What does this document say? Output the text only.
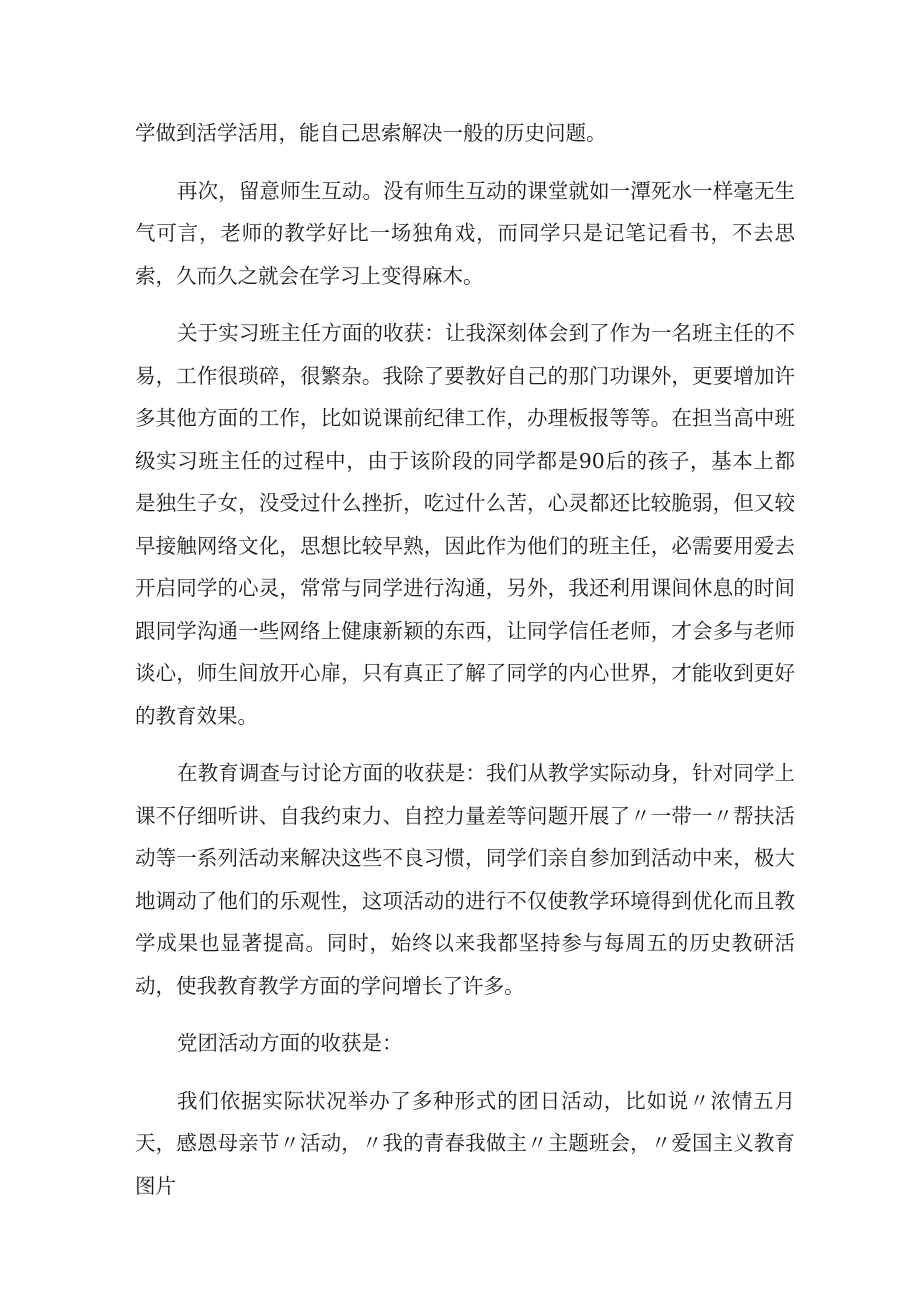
学做到活学活用，能自己思索解决一般的历史问题。

再次，留意师生互动。没有师生互动的课堂就如一潭死水一样毫无生气可言，老师的教学好比一场独角戏，而同学只是记笔记看书，不去思索，久而久之就会在学习上变得麻木。

关于实习班主任方面的收获：让我深刻体会到了作为一名班主任的不易，工作很琐碎，很繁杂。我除了要教好自己的那门功课外，更要增加许多其他方面的工作，比如说课前纪律工作，办理板报等等。在担当高中班级实习班主任的过程中，由于该阶段的同学都是90后的孩子，基本上都是独生子女，没受过什么挫折，吃过什么苦，心灵都还比较脆弱，但又较早接触网络文化，思想比较早熟，因此作为他们的班主任，必需要用爱去开启同学的心灵，常常与同学进行沟通，另外，我还利用课间休息的时间跟同学沟通一些网络上健康新颖的东西，让同学信任老师，才会多与老师谈心，师生间放开心扉，只有真正了解了同学的内心世界，才能收到更好的教育效果。

在教育调查与讨论方面的收获是：我们从教学实际动身，针对同学上课不仔细听讲、自我约束力、自控力量差等问题开展了〃一带一〃帮扶活动等一系列活动来解决这些不良习惯，同学们亲自参加到活动中来，极大地调动了他们的乐观性，这项活动的进行不仅使教学环境得到优化而且教学成果也显著提高。同时，始终以来我都坚持参与每周五的历史教研活动，使我教育教学方面的学问增长了许多。

党团活动方面的收获是：

我们依据实际状况举办了多种形式的团日活动，比如说〃浓情五月天，感恩母亲节〃活动，〃我的青春我做主〃主题班会，〃爱国主义教育图片
